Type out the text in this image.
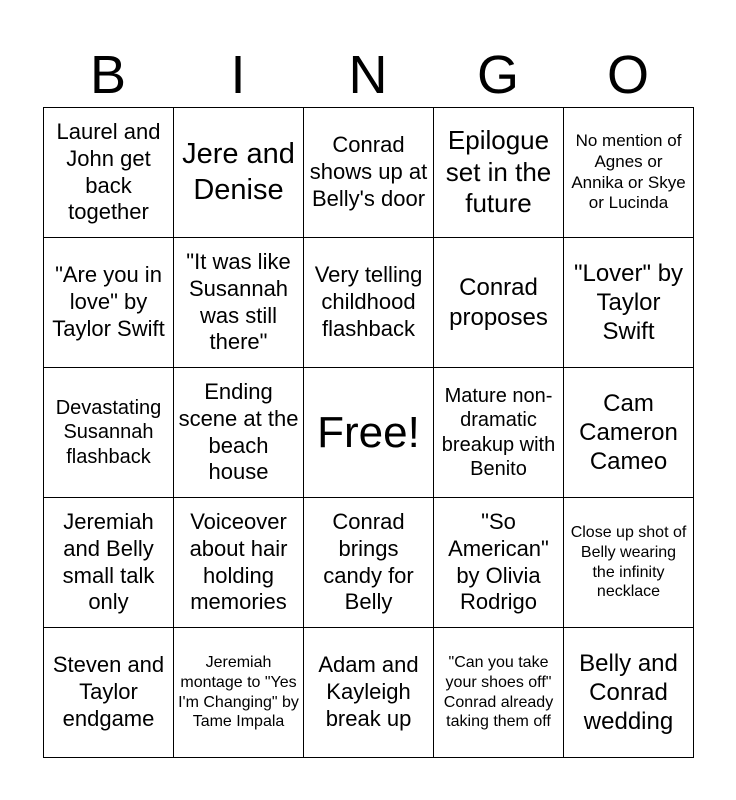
B	I	N	G	O
Laurel and John get back together	Jere and Denise	Conrad shows up at Belly's door	Epilogue set in the future	No mention of Agnes or Annika or Skye or Lucinda
"Are you in love" by Taylor Swift	"It was like Susannah was still there"	Very telling childhood flashback	Conrad proposes	"Lover" by Taylor Swift
Devastating Susannah flashback	Ending scene at the beach house	Free!	Mature non-dramatic breakup with Benito	Cam Cameron Cameo
Jeremiah and Belly small talk only	Voiceover about hair holding memories	Conrad brings candy for Belly	"So American" by Olivia Rodrigo	Close up shot of Belly wearing the infinity necklace
Steven and Taylor endgame	Jeremiah montage to "Yes I'm Changing" by Tame Impala	Adam and Kayleigh break up	"Can you take your shoes off" Conrad already taking them off	Belly and Conrad wedding
